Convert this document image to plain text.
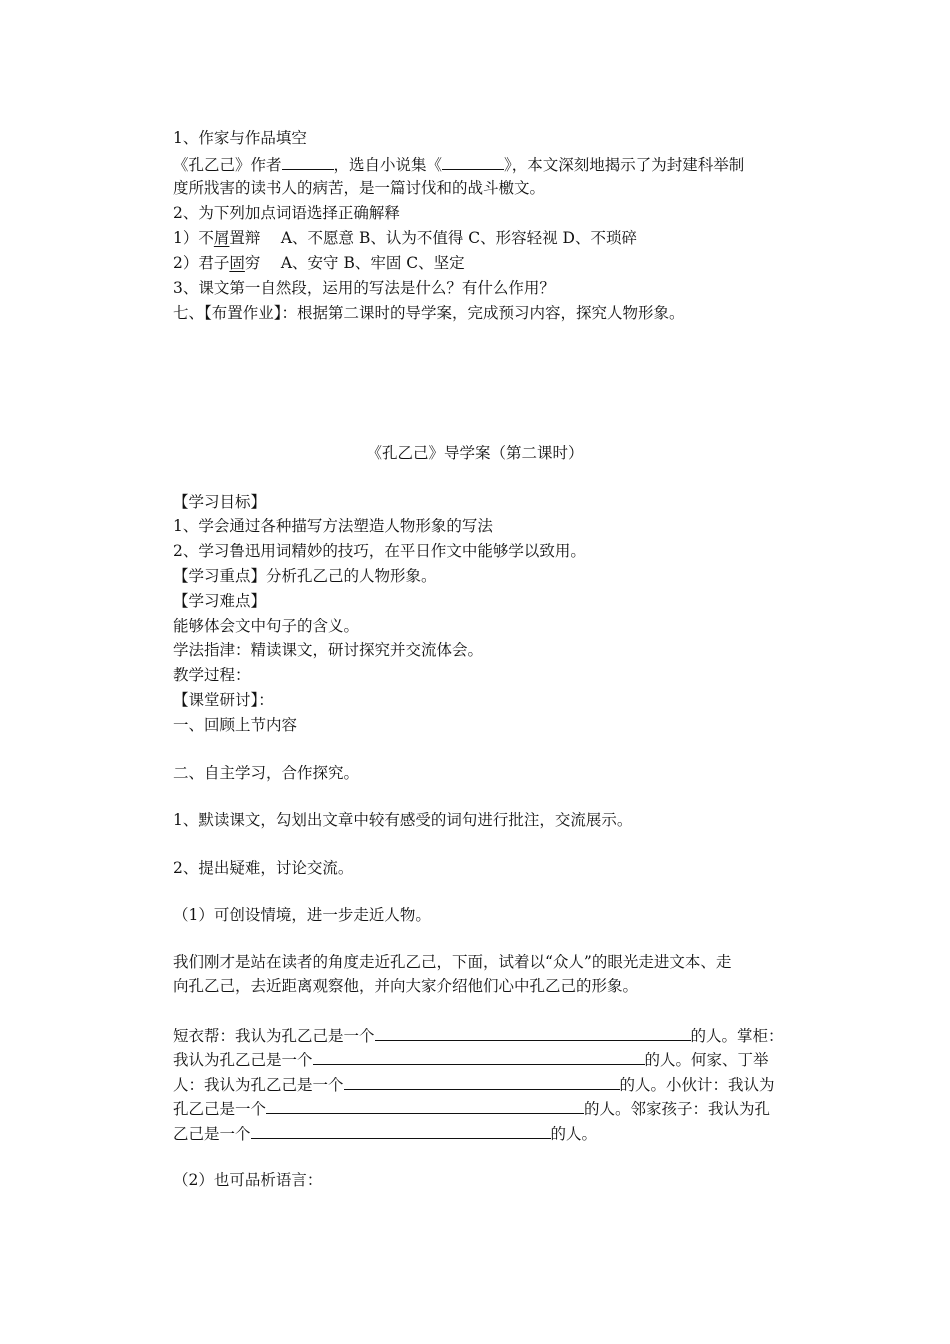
1、作家与作品填空
《孔乙己》作者	，选自小说集《	》，本文深刻地揭示了为封建科举制
度所戕害的读书人的病苦，是一篇讨伐和的战斗檄文。
2、为下列加点词语选择正确解释
1）不屑置辩　 A、不愿意 B、认为不值得 C、形容轻视 D、不琐碎
2）君子固穷　 A、安守 B、牢固 C、坚定
3、课文第一自然段，运用的写法是什么？有什么作用？
七、【布置作业】：根据第二课时的导学案，完成预习内容，探究人物形象。
《孔乙己》导学案（第二课时）
【学习目标】
1、学会通过各种描写方法塑造人物形象的写法
2、学习鲁迅用词精妙的技巧，在平日作文中能够学以致用。
【学习重点】分析孔乙己的人物形象。
【学习难点】
能够体会文中句子的含义。
学法指津：精读课文，研讨探究并交流体会。
教学过程：
【课堂研讨】：
一、回顾上节内容
二、自主学习，合作探究。
1、默读课文，勾划出文章中较有感受的词句进行批注，交流展示。
2、提出疑难，讨论交流。
（1）可创设情境，进一步走近人物。
我们刚才是站在读者的角度走近孔乙己，下面，试着以“众人”的眼光走进文本、走
向孔乙己，去近距离观察他，并向大家介绍他们心中孔乙己的形象。
短衣帮：我认为孔乙己是一个	的人。掌柜：
我认为孔乙己是一个	的人。何家、丁举
人：我认为孔乙己是一个	的人。小伙计：我认为
孔乙己是一个	的人。邻家孩子：我认为孔
乙己是一个	的人。
（2）也可品析语言：
